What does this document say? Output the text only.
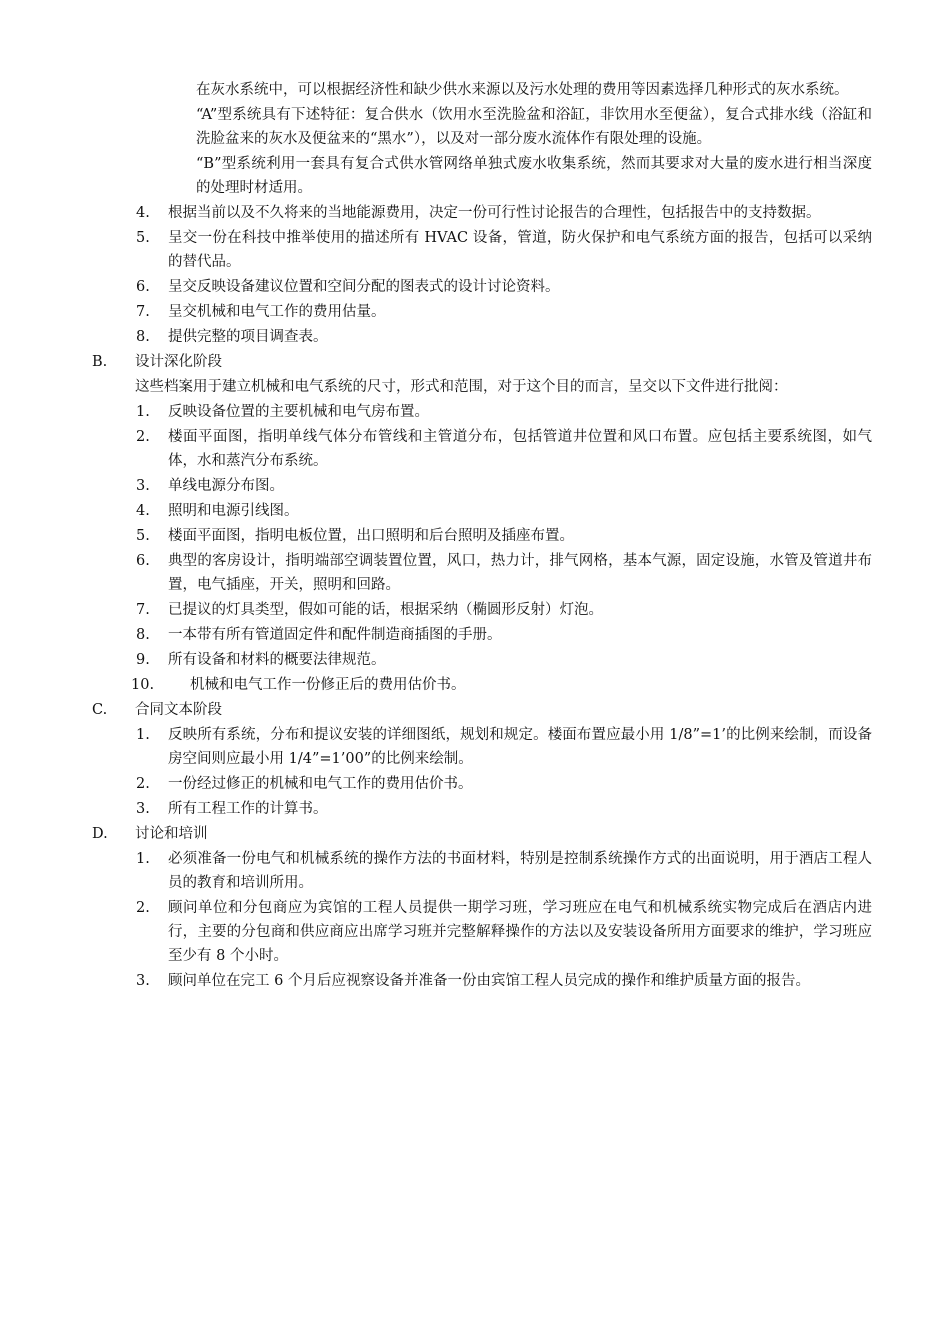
在灰水系统中，可以根据经济性和缺少供水来源以及污水处理的费用等因素选择几种形式的灰水系统。
“A”型系统具有下述特征：复合供水（饮用水至洗脸盆和浴缸，非饮用水至便盆），复合式排水线（浴缸和洗脸盆来的灰水及便盆来的“黑水”），以及对一部分废水流体作有限处理的设施。
“B”型系统利用一套具有复合式供水管网络单独式废水收集系统，然而其要求对大量的废水进行相当深度的处理时材适用。
4. 根据当前以及不久将来的当地能源费用，决定一份可行性讨论报告的合理性，包括报告中的支持数据。
5. 呈交一份在科技中推举使用的描述所有 HVAC 设备，管道，防火保护和电气系统方面的报告，包括可以采纳的替代品。
6. 呈交反映设备建议位置和空间分配的图表式的设计讨论资料。
7. 呈交机械和电气工作的费用估量。
8. 提供完整的项目调查表。
B. 设计深化阶段
这些档案用于建立机械和电气系统的尺寸，形式和范围，对于这个目的而言，呈交以下文件进行批阅：
1. 反映设备位置的主要机械和电气房布置。
2. 楼面平面图，指明单线气体分布管线和主管道分布，包括管道井位置和风口布置。应包括主要系统图，如气体，水和蒸汽分布系统。
3. 单线电源分布图。
4. 照明和电源引线图。
5. 楼面平面图，指明电板位置，出口照明和后台照明及插座布置。
6. 典型的客房设计，指明端部空调装置位置，风口，热力计，排气网格，基本气源，固定设施，水管及管道井布置，电气插座，开关，照明和回路。
7. 已提议的灯具类型，假如可能的话，根据采纳（椭圆形反射）灯泡。
8. 一本带有所有管道固定件和配件制造商插图的手册。
9. 所有设备和材料的概要法律规范。
10. 机械和电气工作一份修正后的费用估价书。
C. 合同文本阶段
1. 反映所有系统，分布和提议安装的详细图纸，规划和规定。楼面布置应最小用 1/8”=1’的比例来绘制，而设备房空间则应最小用 1/4”=1’00”的比例来绘制。
2. 一份经过修正的机械和电气工作的费用估价书。
3. 所有工程工作的计算书。
D. 讨论和培训
1. 必须准备一份电气和机械系统的操作方法的书面材料，特别是控制系统操作方式的出面说明，用于酒店工程人员的教育和培训所用。
2. 顾问单位和分包商应为宾馆的工程人员提供一期学习班，学习班应在电气和机械系统实物完成后在酒店内进行，主要的分包商和供应商应出席学习班并完整解释操作的方法以及安装设备所用方面要求的维护，学习班应至少有 8 个小时。
3. 顾问单位在完工 6 个月后应视察设备并准备一份由宾馆工程人员完成的操作和维护质量方面的报告。
